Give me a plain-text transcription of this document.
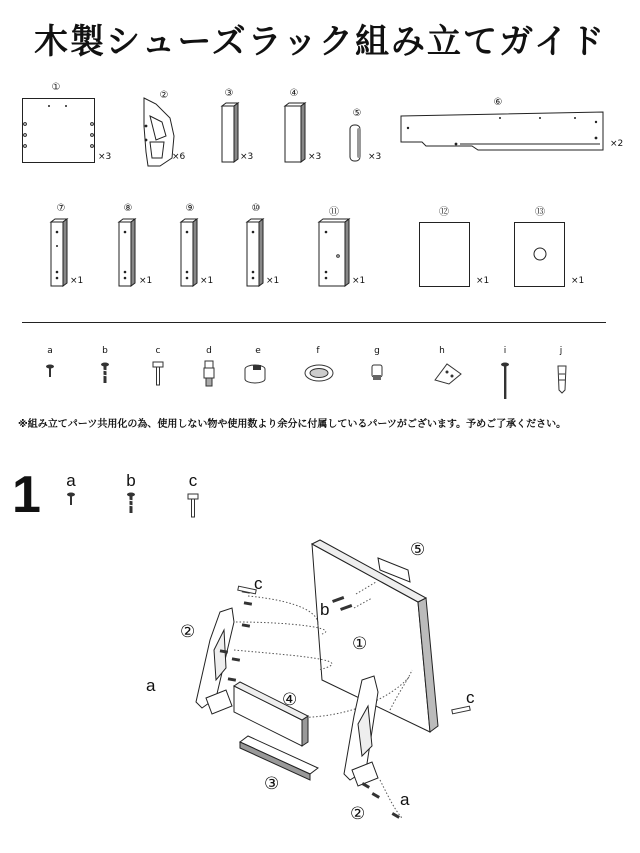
木製シューズラック組み立てガイド
①
×3
②
×6
③
×3
④
×3
⑤
×3
⑥
×2
⑦
×1
⑧
×1
⑨
×1
⑩
×1
⑪
×1
⑫
×1
⑬
×1
a	b	c	d	e	f	g	h	i	j
※組み立てパーツ共用化の為、使用しない物や使用数より余分に付属しているパーツがございます。予めご了承ください。
1	a	b	c
⑤
c
b
①
②
a
④	c
③
a
②
